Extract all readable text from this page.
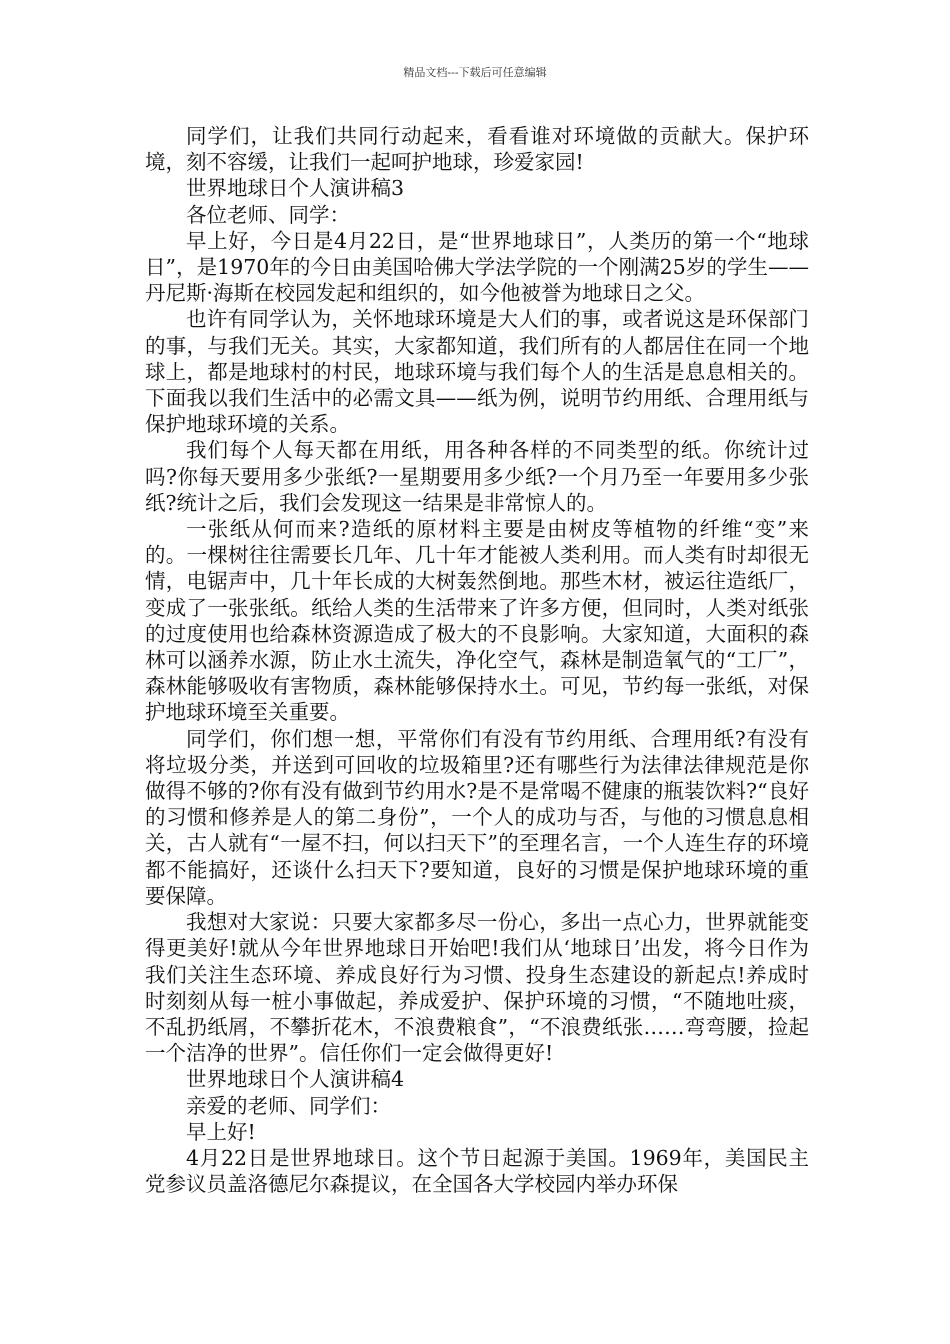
精品文档---下载后可任意编辑

同学们，让我们共同行动起来，看看谁对环境做的贡献大。保护环境，刻不容缓，让我们一起呵护地球，珍爱家园!

世界地球日个人演讲稿3

各位老师、同学：

早上好，今日是4月22日，是“世界地球日”，人类历的第一个“地球日”，是1970年的今日由美国哈佛大学法学院的一个刚满25岁的学生——丹尼斯·海斯在校园发起和组织的，如今他被誉为地球日之父。

也许有同学认为，关怀地球环境是大人们的事，或者说这是环保部门的事，与我们无关。其实，大家都知道，我们所有的人都居住在同一个地球上，都是地球村的村民，地球环境与我们每个人的生活是息息相关的。下面我以我们生活中的必需文具——纸为例，说明节约用纸、合理用纸与保护地球环境的关系。

我们每个人每天都在用纸，用各种各样的不同类型的纸。你统计过吗?你每天要用多少张纸?一星期要用多少纸?一个月乃至一年要用多少张纸?统计之后，我们会发现这一结果是非常惊人的。

一张纸从何而来?造纸的原材料主要是由树皮等植物的纤维“变”来的。一棵树往往需要长几年、几十年才能被人类利用。而人类有时却很无情，电锯声中，几十年长成的大树轰然倒地。那些木材，被运往造纸厂，变成了一张张纸。纸给人类的生活带来了许多方便，但同时，人类对纸张的过度使用也给森林资源造成了极大的不良影响。大家知道，大面积的森林可以涵养水源，防止水土流失，净化空气，森林是制造氧气的“工厂”，森林能够吸收有害物质，森林能够保持水土。可见，节约每一张纸，对保护地球环境至关重要。

同学们，你们想一想，平常你们有没有节约用纸、合理用纸?有没有将垃圾分类，并送到可回收的垃圾箱里?还有哪些行为法律法律规范是你做得不够的?你有没有做到节约用水?是不是常喝不健康的瓶装饮料?“良好的习惯和修养是人的第二身份”，一个人的成功与否，与他的习惯息息相关，古人就有“一屋不扫，何以扫天下”的至理名言，一个人连生存的环境都不能搞好，还谈什么扫天下?要知道，良好的习惯是保护地球环境的重要保障。

我想对大家说：只要大家都多尽一份心，多出一点心力，世界就能变得更美好!就从今年世界地球日开始吧!我们从‘地球日’出发，将今日作为我们关注生态环境、养成良好行为习惯、投身生态建设的新起点!养成时时刻刻从每一桩小事做起，养成爱护、保护环境的习惯，“不随地吐痰，不乱扔纸屑，不攀折花木，不浪费粮食”，“不浪费纸张……弯弯腰，捡起一个洁净的世界”。信任你们一定会做得更好!

世界地球日个人演讲稿4

亲爱的老师、同学们：

早上好!

4月22日是世界地球日。这个节日起源于美国。1969年，美国民主党参议员盖洛德尼尔森提议，在全国各大学校园内举办环保
